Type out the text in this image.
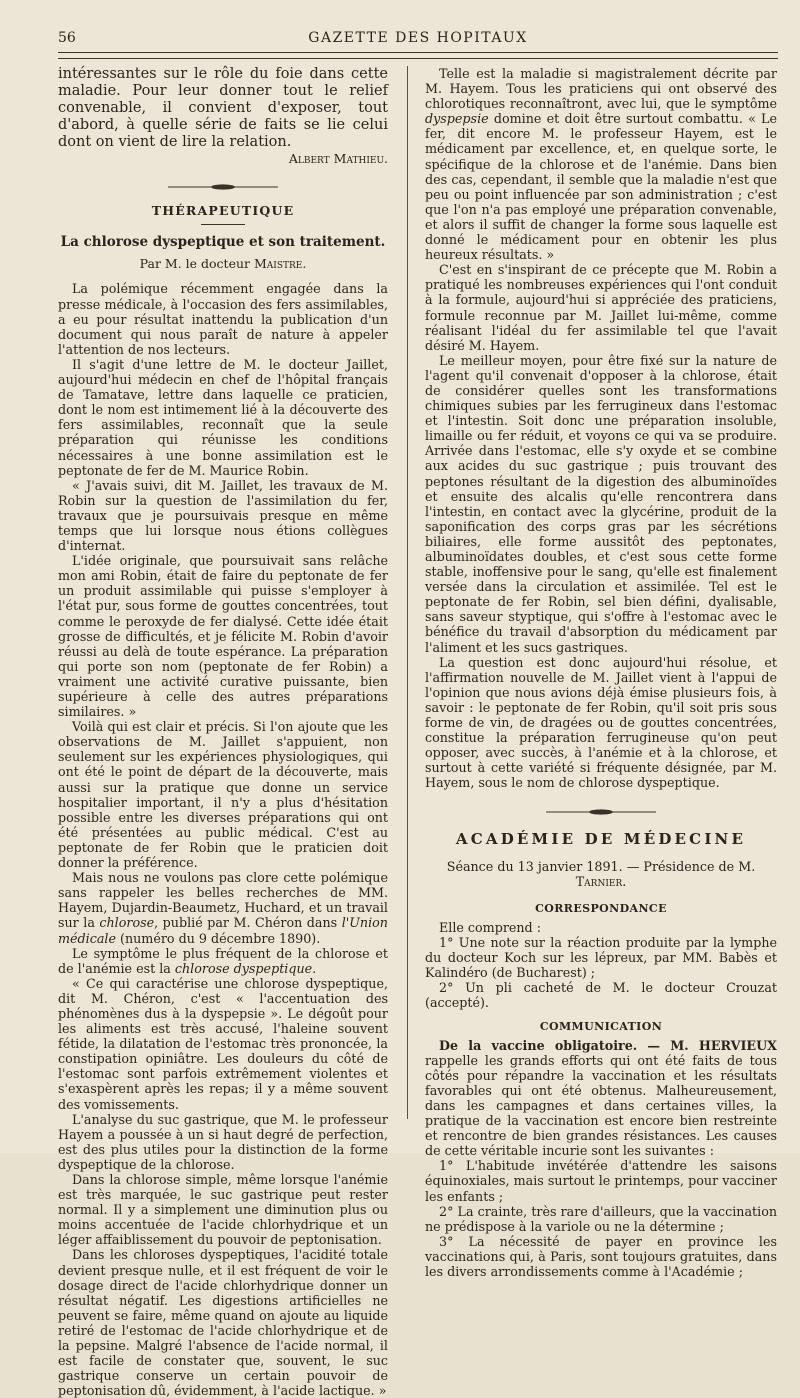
56	GAZETTE DES HOPITAUX

intéressantes sur le rôle du foie dans cette maladie. Pour leur donner tout le relief convenable, il convient d'exposer, tout d'abord, à quelle série de faits se lie celui dont on vient de lire la relation.

Albert Mathieu.
THÉRAPEUTIQUE
La chlorose dyspeptique et son traitement.
Par M. le docteur Maistre.

La polémique récemment engagée dans la presse médicale, à l'occasion des fers assimilables, a eu pour résultat inattendu la publication d'un document qui nous paraît de nature à appeler l'attention de nos lecteurs.

Il s'agit d'une lettre de M. le docteur Jaillet, aujourd'hui médecin en chef de l'hôpital français de Tamatave, lettre dans laquelle ce praticien, dont le nom est intimement lié à la découverte des fers assimilables, reconnaît que la seule préparation qui réunisse les conditions nécessaires à une bonne assimilation est le peptonate de fer de M. Maurice Robin.

« J'avais suivi, dit M. Jaillet, les travaux de M. Robin sur la question de l'assimilation du fer, travaux que je poursuivais presque en même temps que lui lorsque nous étions collègues d'internat.

L'idée originale, que poursuivait sans relâche mon ami Robin, était de faire du peptonate de fer un produit assimilable qui puisse s'employer à l'état pur, sous forme de gouttes concentrées, tout comme le peroxyde de fer dialysé. Cette idée était grosse de difficultés, et je félicite M. Robin d'avoir réussi au delà de toute espérance. La préparation qui porte son nom (peptonate de fer Robin) a vraiment une activité curative puissante, bien supérieure à celle des autres préparations similaires. »

Voilà qui est clair et précis. Si l'on ajoute que les observations de M. Jaillet s'appuient, non seulement sur les expériences physiologiques, qui ont été le point de départ de la découverte, mais aussi sur la pratique que donne un service hospitalier important, il n'y a plus d'hésitation possible entre les diverses préparations qui ont été présentées au public médical. C'est au peptonate de fer Robin que le praticien doit donner la préférence.

Mais nous ne voulons pas clore cette polémique sans rappeler les belles recherches de MM. Hayem, Dujardin-Beaumetz, Huchard, et un travail sur la chlorose, publié par M. Chéron dans l'Union médicale (numéro du 9 décembre 1890).

Le symptôme le plus fréquent de la chlorose et de l'anémie est la chlorose dyspeptique.

« Ce qui caractérise une chlorose dyspeptique, dit M. Chéron, c'est « l'accentuation des phénomènes dus à la dyspepsie ». Le dégoût pour les aliments est très accusé, l'haleine souvent fétide, la dilatation de l'estomac très prononcée, la constipation opiniâtre. Les douleurs du côté de l'estomac sont parfois extrêmement violentes et s'exaspèrent après les repas; il y a même souvent des vomissements.

L'analyse du suc gastrique, que M. le professeur Hayem a poussée à un si haut degré de perfection, est des plus utiles pour la distinction de la forme dyspeptique de la chlorose.

Dans la chlorose simple, même lorsque l'anémie est très marquée, le suc gastrique peut rester normal. Il y a simplement une diminution plus ou moins accentuée de l'acide chlorhydrique et un léger affaiblissement du pouvoir de peptonisation.

Dans les chloroses dyspeptiques, l'acidité totale devient presque nulle, et il est fréquent de voir le dosage direct de l'acide chlorhydrique donner un résultat négatif. Les digestions artificielles ne peuvent se faire, même quand on ajoute au liquide retiré de l'estomac de l'acide chlorhydrique et de la pepsine. Malgré l'absence de l'acide normal, il est facile de constater que, souvent, le suc gastrique conserve un certain pouvoir de peptonisation dû, évidemment, à l'acide lactique. »

Telle est la maladie si magistralement décrite par M. Hayem. Tous les praticiens qui ont observé des chlorotiques reconnaîtront, avec lui, que le symptôme dyspepsie domine et doit être surtout combattu. « Le fer, dit encore M. le professeur Hayem, est le médicament par excellence, et, en quelque sorte, le spécifique de la chlorose et de l'anémie. Dans bien des cas, cependant, il semble que la maladie n'est que peu ou point influencée par son administration ; c'est que l'on n'a pas employé une préparation convenable, et alors il suffit de changer la forme sous laquelle est donné le médicament pour en obtenir les plus heureux résultats. »

C'est en s'inspirant de ce précepte que M. Robin a pratiqué les nombreuses expériences qui l'ont conduit à la formule, aujourd'hui si appréciée des praticiens, formule reconnue par M. Jaillet lui-même, comme réalisant l'idéal du fer assimilable tel que l'avait désiré M. Hayem.

Le meilleur moyen, pour être fixé sur la nature de l'agent qu'il convenait d'opposer à la chlorose, était de considérer quelles sont les transformations chimiques subies par les ferrugineux dans l'estomac et l'intestin. Soit donc une préparation insoluble, limaille ou fer réduit, et voyons ce qui va se produire. Arrivée dans l'estomac, elle s'y oxyde et se combine aux acides du suc gastrique ; puis trouvant des peptones résultant de la digestion des albuminoïdes et ensuite des alcalis qu'elle rencontrera dans l'intestin, en contact avec la glycérine, produit de la saponification des corps gras par les sécrétions biliaires, elle forme aussitôt des peptonates, albuminoïdates doubles, et c'est sous cette forme stable, inoffensive pour le sang, qu'elle est finalement versée dans la circulation et assimilée. Tel est le peptonate de fer Robin, sel bien défini, dyalisable, sans saveur styptique, qui s'offre à l'estomac avec le bénéfice du travail d'absorption du médicament par l'aliment et les sucs gastriques.

La question est donc aujourd'hui résolue, et l'affirmation nouvelle de M. Jaillet vient à l'appui de l'opinion que nous avions déjà émise plusieurs fois, à savoir : le peptonate de fer Robin, qu'il soit pris sous forme de vin, de dragées ou de gouttes concentrées, constitue la préparation ferrugineuse qu'on peut opposer, avec succès, à l'anémie et à la chlorose, et surtout à cette variété si fréquente désignée, par M. Hayem, sous le nom de chlorose dyspeptique.

ACADÉMIE DE MÉDECINE
Séance du 13 janvier 1891. — Présidence de M. Tarnier.
CORRESPONDANCE

Elle comprend :

1° Une note sur la réaction produite par la lymphe du docteur Koch sur les lépreux, par MM. Babès et Kalindéro (de Bucharest) ;

2° Un pli cacheté de M. le docteur Crouzat (accepté).

COMMUNICATION

De la vaccine obligatoire. — M. HERVIEUX rappelle les grands efforts qui ont été faits de tous côtés pour répandre la vaccination et les résultats favorables qui ont été obtenus. Malheureusement, dans les campagnes et dans certaines villes, la pratique de la vaccination est encore bien restreinte et rencontre de bien grandes résistances. Les causes de cette véritable incurie sont les suivantes :

1° L'habitude invétérée d'attendre les saisons équinoxiales, mais surtout le printemps, pour vacciner les enfants ;

2° La crainte, très rare d'ailleurs, que la vaccination ne prédispose à la variole ou ne la détermine ;

3° La nécessité de payer en province les vaccinations qui, à Paris, sont toujours gratuites, dans les divers arrondissements comme à l'Académie ;
